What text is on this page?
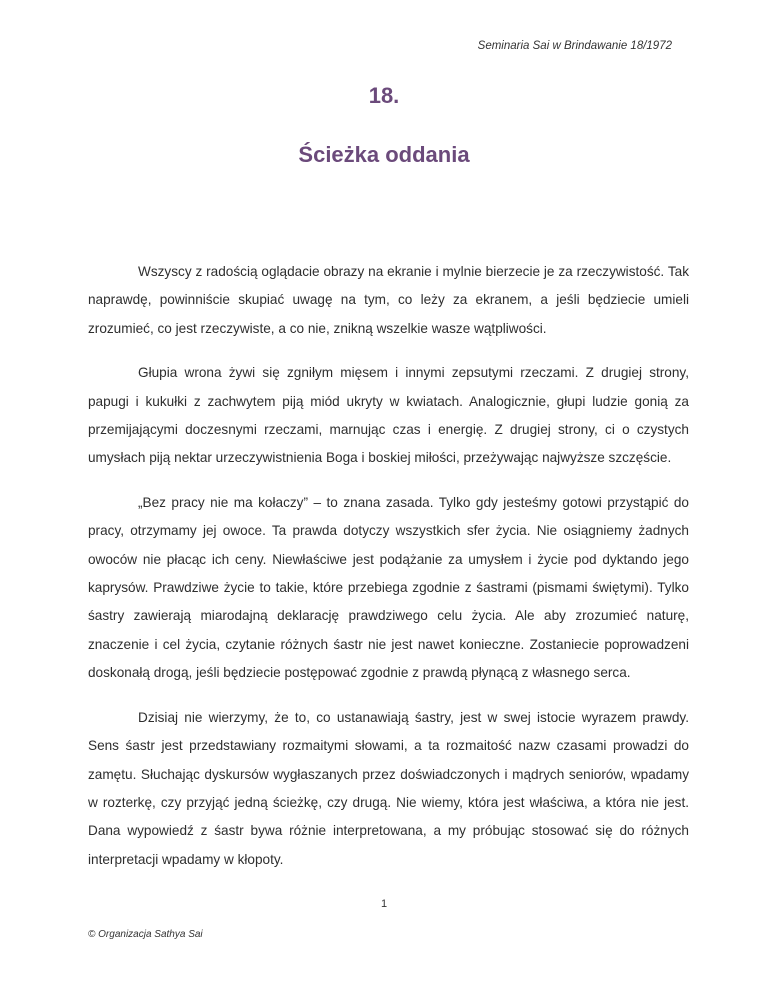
Seminaria Sai w Brindawanie 18/1972
18.
Ścieżka oddania

Wszyscy z radością oglądacie obrazy na ekranie i mylnie bierzecie je za rzeczywistość. Tak naprawdę, powinniście skupiać uwagę na tym, co leży za ekranem, a jeśli będziecie umieli zrozumieć, co jest rzeczywiste, a co nie, znikną wszelkie wasze wątpliwości.

Głupia wrona żywi się zgniłym mięsem i innymi zepsutymi rzeczami. Z drugiej strony, papugi i kukułki z zachwytem piją miód ukryty w kwiatach. Analogicznie, głupi ludzie gonią za przemijającymi doczesnymi rzeczami, marnując czas i energię. Z drugiej strony, ci o czystych umysłach piją nektar urzeczywistnienia Boga i boskiej miłości, przeżywając najwyższe szczęście.

„Bez pracy nie ma kołaczy” – to znana zasada. Tylko gdy jesteśmy gotowi przystąpić do pracy, otrzymamy jej owoce. Ta prawda dotyczy wszystkich sfer życia. Nie osiągniemy żadnych owoców nie płacąc ich ceny. Niewłaściwe jest podążanie za umysłem i życie pod dyktando jego kaprysów. Prawdziwe życie to takie, które przebiega zgodnie z śastrami (pismami świętymi). Tylko śastry zawierają miarodajną deklarację prawdziwego celu życia. Ale aby zrozumieć naturę, znaczenie i cel życia, czytanie różnych śastr nie jest nawet konieczne. Zostaniecie poprowadzeni doskonałą drogą, jeśli będziecie postępować zgodnie z prawdą płynącą z własnego serca.

Dzisiaj nie wierzymy, że to, co ustanawiają śastry, jest w swej istocie wyrazem prawdy. Sens śastr jest przedstawiany rozmaitymi słowami, a ta rozmaitość nazw czasami prowadzi do zamętu. Słuchając dyskursów wygłaszanych przez doświadczonych i mądrych seniorów, wpadamy w rozterkę, czy przyjąć jedną ścieżkę, czy drugą. Nie wiemy, która jest właściwa, a która nie jest. Dana wypowiedź z śastr bywa różnie interpretowana, a my próbując stosować się do różnych interpretacji wpadamy w kłopoty.

1
© Organizacja Sathya Sai
